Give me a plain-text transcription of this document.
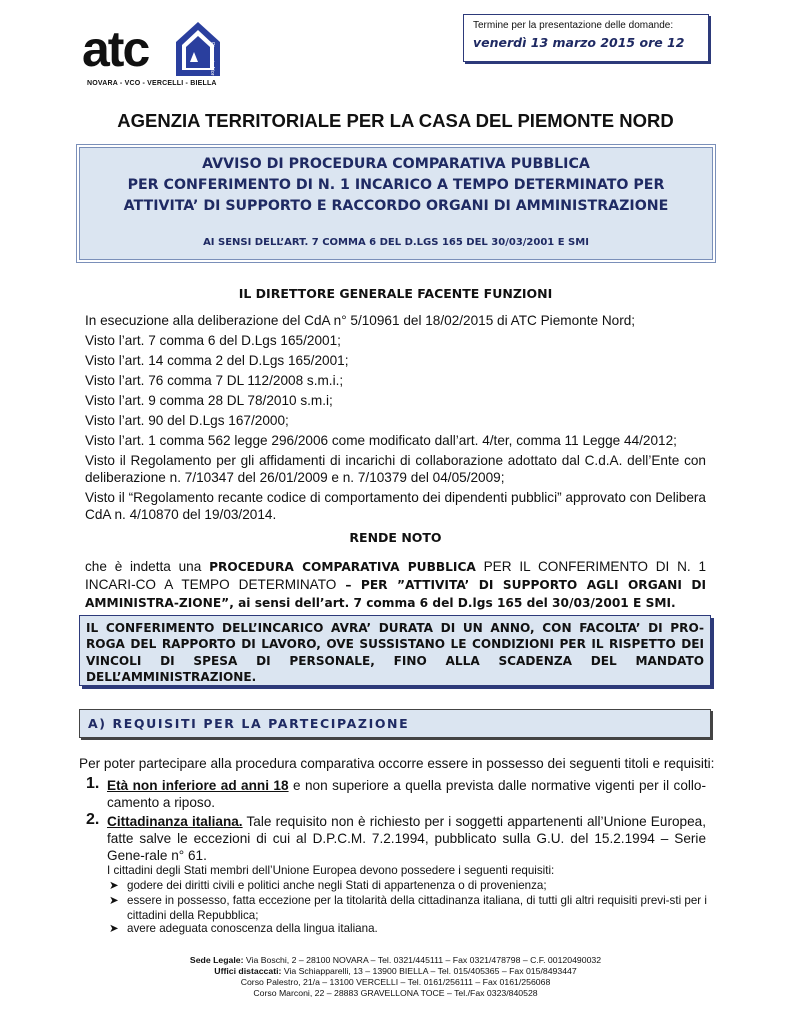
atc	Piemonte Nord
NOVARA - VCO - VERCELLI - BIELLA
Termine per la presentazione delle domande:
venerdì 13 marzo 2015 ore 12
AGENZIA TERRITORIALE PER LA CASA DEL PIEMONTE NORD
AVVISO DI PROCEDURA COMPARATIVA PUBBLICA
PER CONFERIMENTO DI N. 1 INCARICO A TEMPO DETERMINATO PER
ATTIVITA’ DI SUPPORTO E RACCORDO ORGANI DI AMMINISTRAZIONE
AI SENSI DELL’ART. 7 COMMA 6 DEL D.LGS 165 DEL 30/03/2001 E SMI
IL DIRETTORE GENERALE FACENTE FUNZIONI
In esecuzione alla deliberazione del CdA n° 5/10961 del 18/02/2015 di ATC Piemonte Nord;
Visto l’art. 7 comma 6 del D.Lgs 165/2001;
Visto l’art. 14 comma 2 del D.Lgs 165/2001;
Visto l’art. 76 comma 7 DL 112/2008 s.m.i.;
Visto l’art. 9 comma 28 DL 78/2010 s.m.i;
Visto l’art. 90 del D.Lgs 167/2000;
Visto l’art. 1 comma 562 legge 296/2006 come modificato dall’art. 4/ter, comma 11 Legge 44/2012;
Visto il Regolamento per gli affidamenti di incarichi di collaborazione adottato dal C.d.A. dell’Ente con deliberazione n. 7/10347 del 26/01/2009 e n. 7/10379 del 04/05/2009;
Visto il “Regolamento recante codice di comportamento dei dipendenti pubblici” approvato con Delibera CdA n. 4/10870 del 19/03/2014.
RENDE NOTO
che è indetta una PROCEDURA COMPARATIVA PUBBLICA PER IL CONFERIMENTO DI N. 1 INCARI-CO A TEMPO DETERMINATO – PER ”ATTIVITA’ DI SUPPORTO AGLI ORGANI DI AMMINISTRA-ZIONE”, ai sensi dell’art. 7 comma 6 del D.lgs 165 del 30/03/2001 E SMI.
IL CONFERIMENTO DELL’INCARICO AVRA’ DURATA DI UN ANNO, CON FACOLTA’ DI PRO-ROGA DEL RAPPORTO DI LAVORO, OVE SUSSISTANO LE CONDIZIONI PER IL RISPETTO DEI VINCOLI DI SPESA DI PERSONALE, FINO ALLA SCADENZA DEL MANDATO DELL’AMMINISTRAZIONE.
A) REQUISITI PER LA PARTECIPAZIONE
Per poter partecipare alla procedura comparativa occorre essere in possesso dei seguenti titoli e requisiti:
1. Età non inferiore ad anni 18 e non superiore a quella prevista dalle normative vigenti per il collo-camento a riposo.
2. Cittadinanza italiana. Tale requisito non è richiesto per i soggetti appartenenti all’Unione Europea, fatte salve le eccezioni di cui al D.P.C.M. 7.2.1994, pubblicato sulla G.U. del 15.2.1994 – Serie Gene-rale n° 61.
I cittadini degli Stati membri dell’Unione Europea devono possedere i seguenti requisiti:
➤ godere dei diritti civili e politici anche negli Stati di appartenenza o di provenienza;
➤ essere in possesso, fatta eccezione per la titolarità della cittadinanza italiana, di tutti gli altri requisiti previ-sti per i cittadini della Repubblica;
➤ avere adeguata conoscenza della lingua italiana.
Sede Legale: Via Boschi, 2 – 28100 NOVARA – Tel. 0321/445111 – Fax 0321/478798 – C.F. 00120490032
Uffici distaccati: Via Schiapparelli, 13 – 13900 BIELLA – Tel. 015/405365 – Fax 015/8493447
Corso Palestro, 21/a – 13100 VERCELLI – Tel. 0161/256111 – Fax 0161/256068
Corso Marconi, 22 – 28883 GRAVELLONA TOCE – Tel./Fax 0323/840528
